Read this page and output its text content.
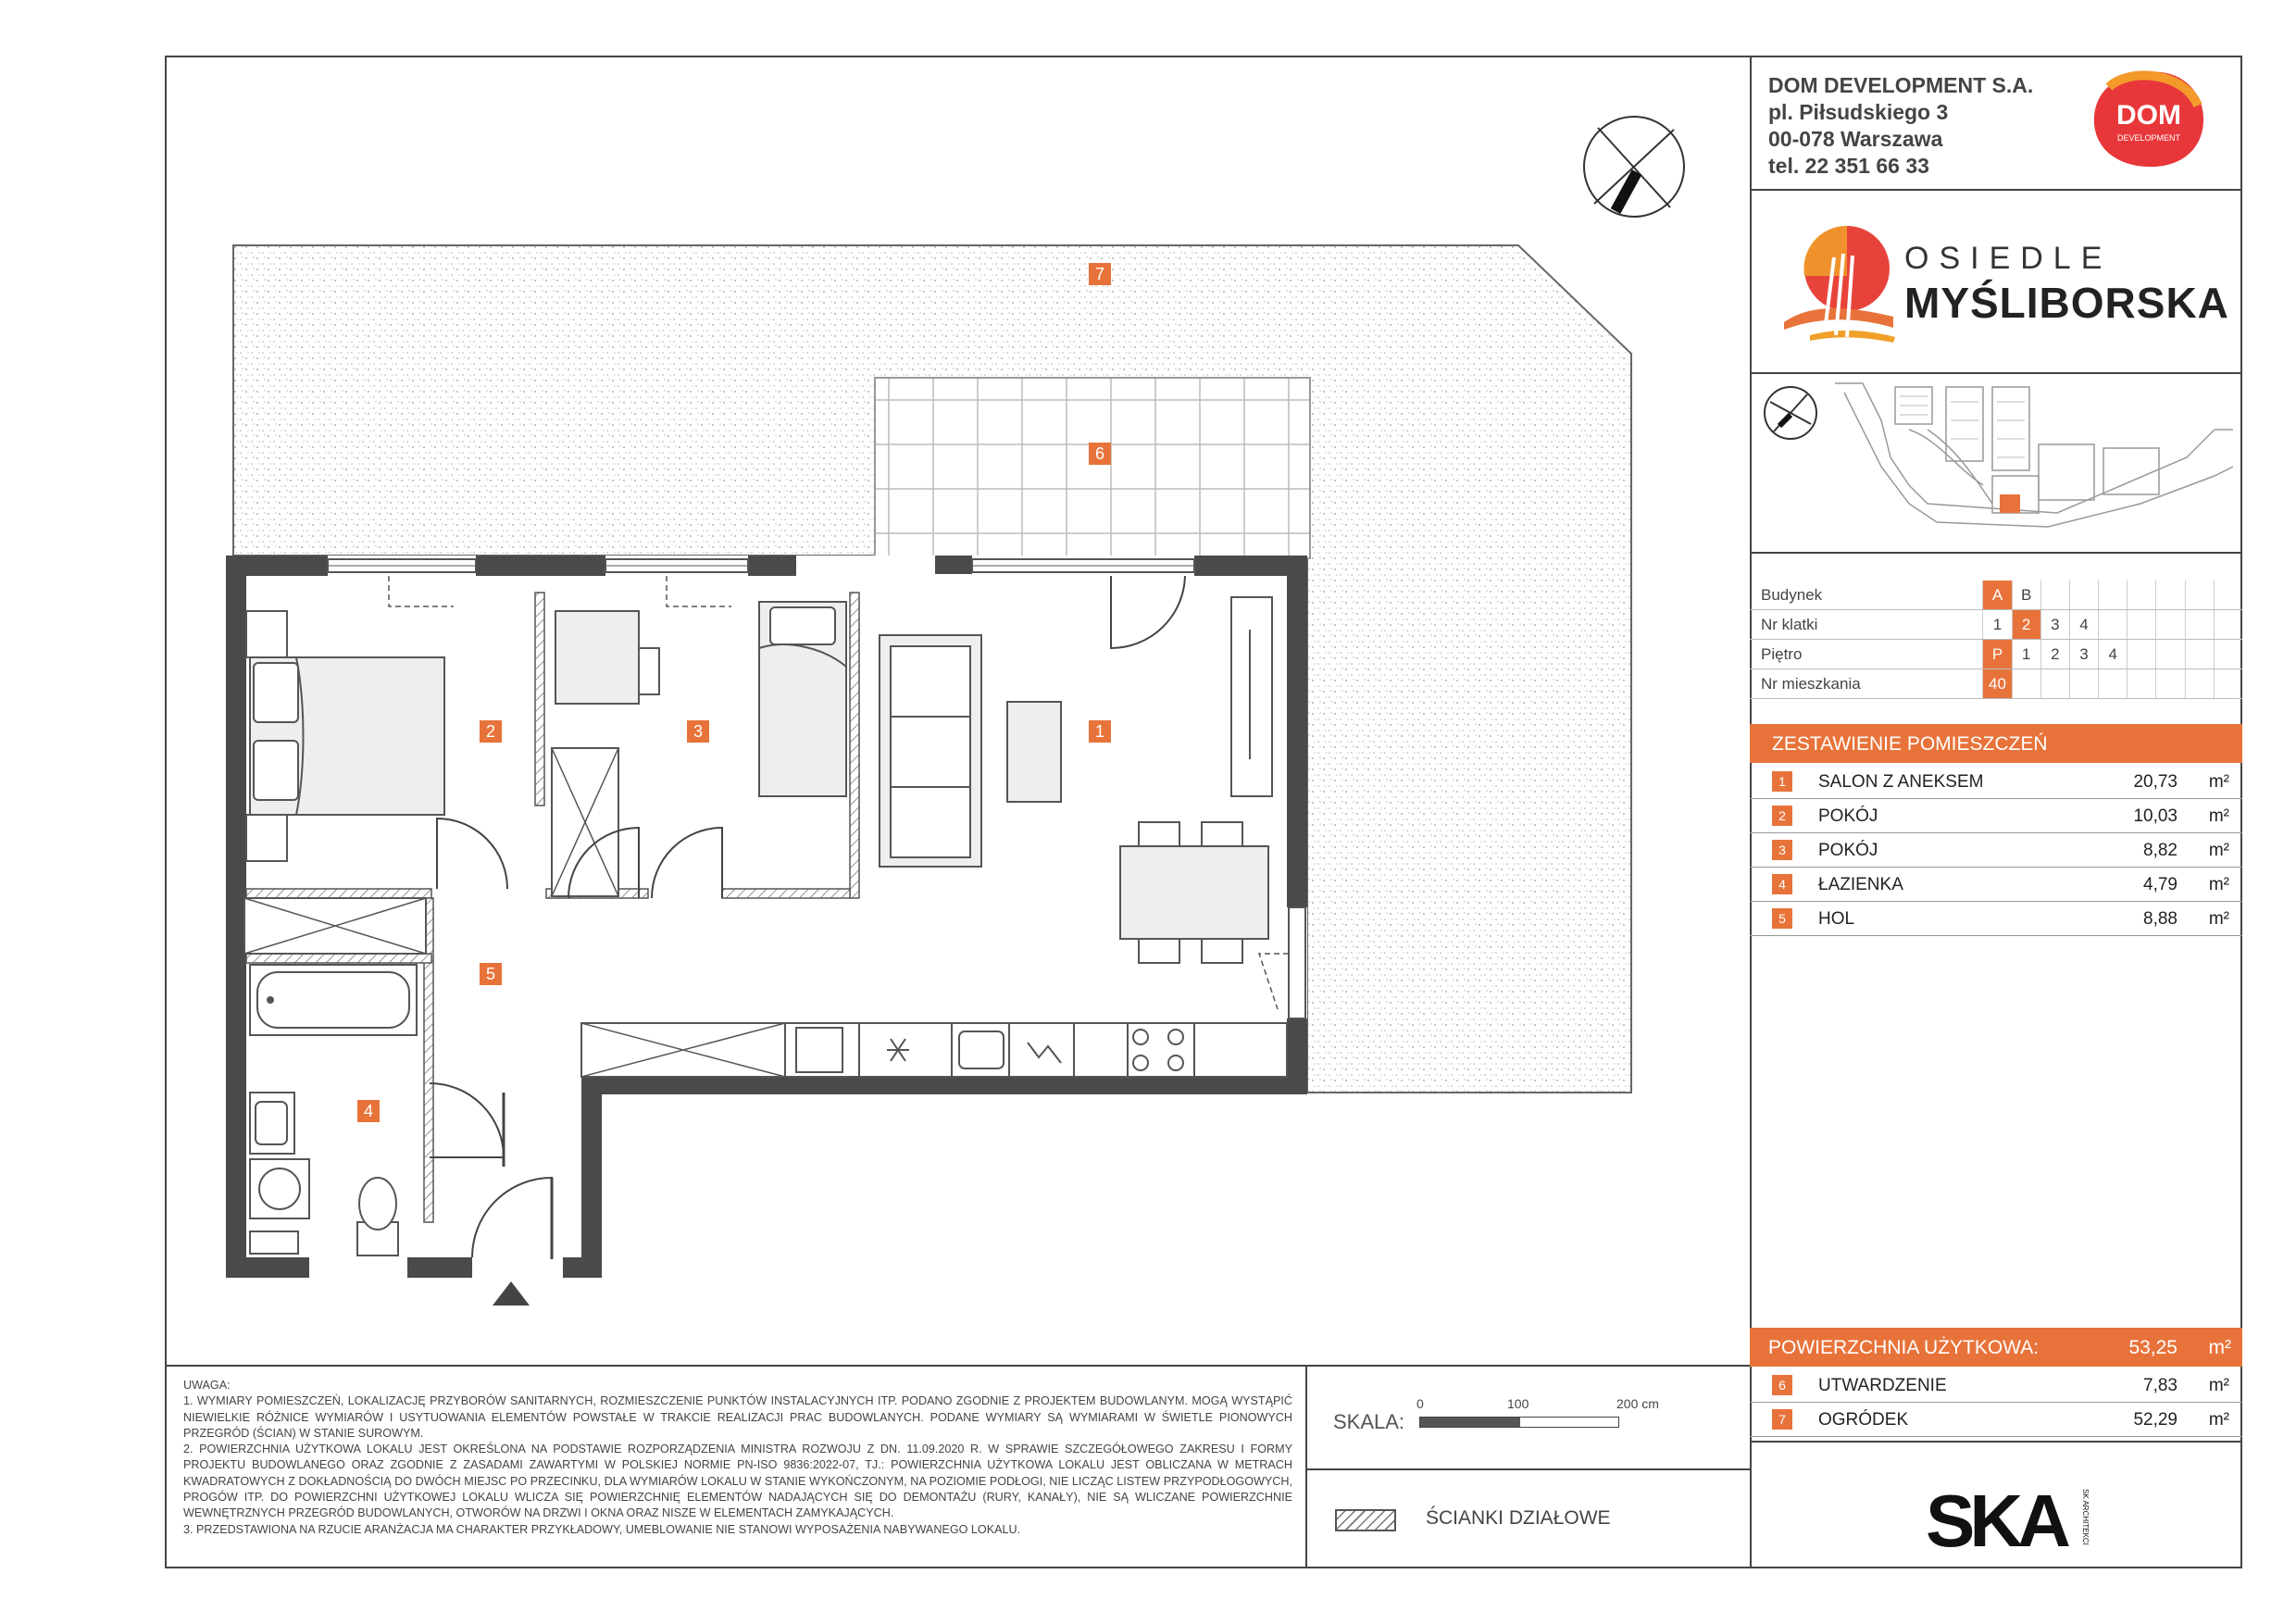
DOM DEVELOPMENT S.A.
pl. Piłsudskiego 3
00-078 Warszawa
tel. 22 351 66 33
DOM
DEVELOPMENT
OSIEDLE
MYŚLIBORSKA
Budynek	A	B							
Nr klatki	1	2	3	4					
Piętro	P	1	2	3	4				
Nr mieszkania	40								
ZESTAWIENIE POMIESZCZEŃ
1	SALON Z ANEKSEM	20,73 m²
2	POKÓJ	10,03 m²
3	POKÓJ	8,82 m²
4	ŁAZIENKA	4,79 m²
5	HOL	8,88 m²
POWIERZCHNIA UŻYTKOWA:	53,25 m²
6	UTWARDZENIE	7,83 m²
7	OGRÓDEK	52,29 m²
SKA	SK ARCHITEKCI

UWAGA:

1. WYMIARY POMIESZCZEŃ, LOKALIZACJĘ PRZYBORÓW SANITARNYCH, ROZMIESZCZENIE PUNKTÓW INSTALACYJNYCH ITP. PODANO ZGODNIE Z PROJEKTEM BUDOWLANYM. MOGĄ WYSTĄPIĆ NIEWIELKIE RÓŻNICE WYMIARÓW I USYTUOWANIA ELEMENTÓW POWSTAŁE W TRAKCIE REALIZACJI PRAC BUDOWLANYCH. PODANE WYMIARY SĄ WYMIARAMI W ŚWIETLE PIONOWYCH PRZEGRÓD (ŚCIAN) W STANIE SUROWYM.

2. POWIERZCHNIA UŻYTKOWA LOKALU JEST OKREŚLONA NA PODSTAWIE ROZPORZĄDZENIA MINISTRA ROZWOJU Z DN. 11.09.2020 R. W SPRAWIE SZCZEGÓŁOWEGO ZAKRESU I FORMY PROJEKTU BUDOWLANEGO ORAZ ZGODNIE Z ZASADAMI ZAWARTYMI W POLSKIEJ NORMIE PN-ISO 9836:2022-07, TJ.: POWIERZCHNIA UŻYTKOWA LOKALU JEST OBLICZANA W METRACH KWADRATOWYCH Z DOKŁADNOŚCIĄ DO DWÓCH MIEJSC PO PRZECINKU, DLA WYMIARÓW LOKALU W STANIE WYKOŃCZONYM, NA POZIOMIE PODŁOGI, NIE LICZĄC LISTEW PRZYPODŁOGOWYCH, PROGÓW ITP. DO POWIERZCHNI UŻYTKOWEJ LOKALU WLICZA SIĘ POWIERZCHNIĘ ELEMENTÓW NADAJĄCYCH SIĘ DO DEMONTAŻU (RURY, KANAŁY), NIE SĄ WLICZANE POWIERZCHNIE WEWNĘTRZNYCH PRZEGRÓD BUDOWLANYCH, OTWORÓW NA DRZWI I OKNA ORAZ NISZE W ELEMENTACH ZAMYKAJĄCYCH.

3. PRZEDSTAWIONA NA RZUCIE ARANŻACJA MA CHARAKTER PRZYKŁADOWY, UMEBLOWANIE NIE STANOWI WYPOSAŻENIA NABYWANEGO LOKALU.

SKALA:
0	100	200 cm
ŚCIANKI DZIAŁOWE
1
2	3
4
5
6
7
